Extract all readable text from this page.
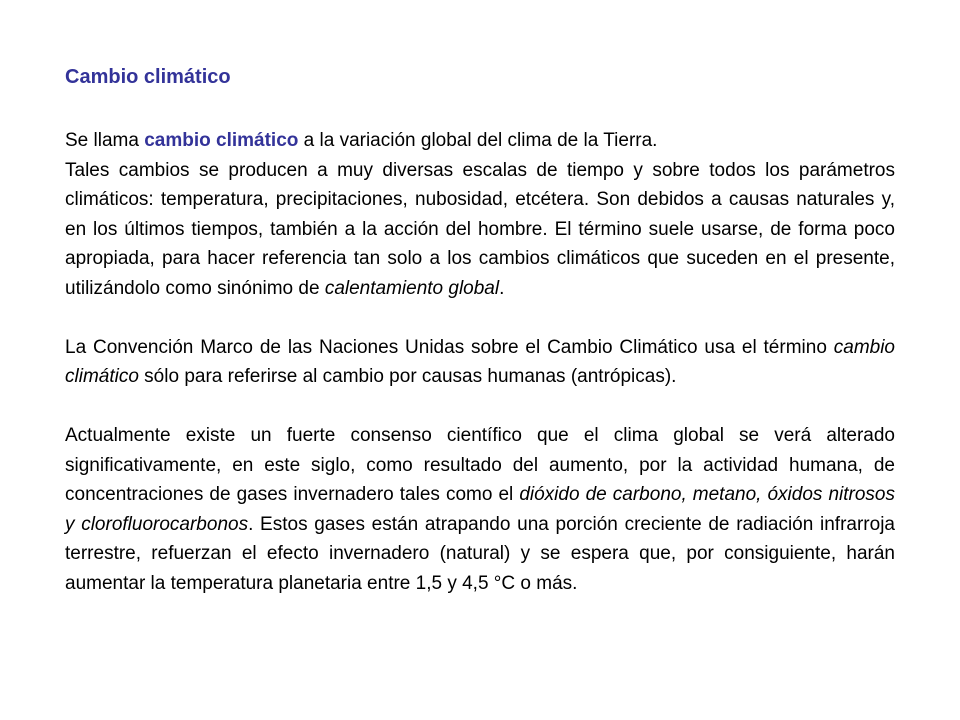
Cambio climático
Se llama cambio climático a la variación global del clima de la Tierra.
Tales cambios se producen a muy diversas escalas de tiempo y sobre todos los parámetros climáticos: temperatura, precipitaciones, nubosidad, etcétera. Son debidos a causas naturales y, en los últimos tiempos, también a la acción del hombre. El término suele usarse, de forma poco apropiada, para hacer referencia tan solo a los cambios climáticos que suceden en el presente, utilizándolo como sinónimo de calentamiento global.
La Convención Marco de las Naciones Unidas sobre el Cambio Climático usa el término cambio climático sólo para referirse al cambio por causas humanas (antrópicas).
Actualmente existe un fuerte consenso científico que el clima global se verá alterado significativamente, en este siglo, como resultado del aumento, por la actividad humana, de concentraciones de gases invernadero tales como el dióxido de carbono, metano, óxidos nitrosos y clorofluorocarbonos. Estos gases están atrapando una porción creciente de radiación infrarroja terrestre, refuerzan el efecto invernadero (natural) y se espera que, por consiguiente, harán aumentar la temperatura planetaria entre 1,5 y 4,5 °C o más.
